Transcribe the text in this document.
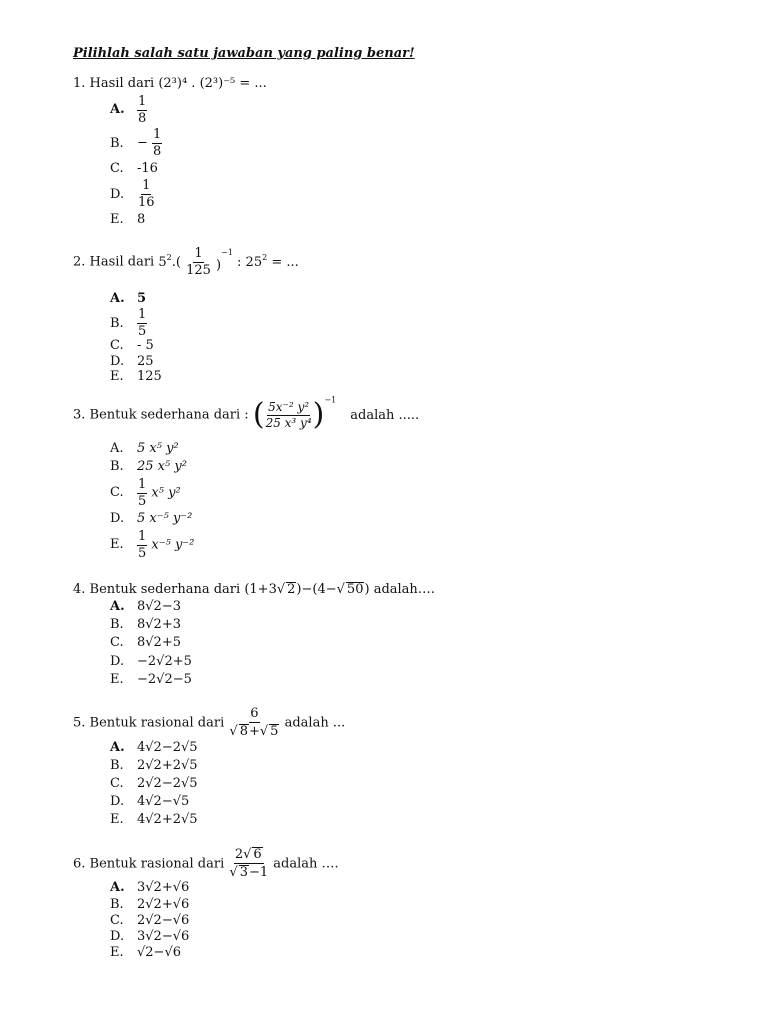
Pilihlah salah satu jawaban yang paling benar!
1. Hasil dari (2³)⁴ . (2³)⁻⁵ = ...
A. $\frac{1}{8}$
B. − $\frac{1}{8}$
C. -16
D. $\frac{1}{16}$
E. 8
2. Hasil dari $5^2.( \frac{1}{125} )^{-1}$ : $25^2$ = ...
A. 5
B. $\frac{1}{5}$
C. - 5
D. 25
E. 125
3. Bentuk sederhana dari : ( $\frac{\text{5x⁻² y²}}{\text{25 x³ y⁴}} )^{-1}$ adalah .....
A. 5 x⁵ y²
B. 25 x⁵ y²
C. $\frac{1}{5} x^5$ y²
D. 5 x⁻⁵ y⁻²
E. $\frac{1}{5} x^{-5}$ y⁻²
4. Bentuk sederhana dari (1+3√ 2)−(4−√ 50) adalah….
A. 8√2−3
B. 8√2+3
C. 8√2+5
D. −2√2+5
E. −2√2−5
5. Bentuk rasional dari $\frac{6}{√ 8+√ 5}$ adalah ...
A. 4√2−2√5
B. 2√2+2√5
C. 2√2−2√5
D. 4√2−√5
E. 4√2+2√5
6. Bentuk rasional dari $\frac{2√ 6}{√ 3-1}$ adalah ….
A. 3√2+√6
B. 2√2+√6
C. 2√2−√6
D. 3√2−√6
E. √2−√6
